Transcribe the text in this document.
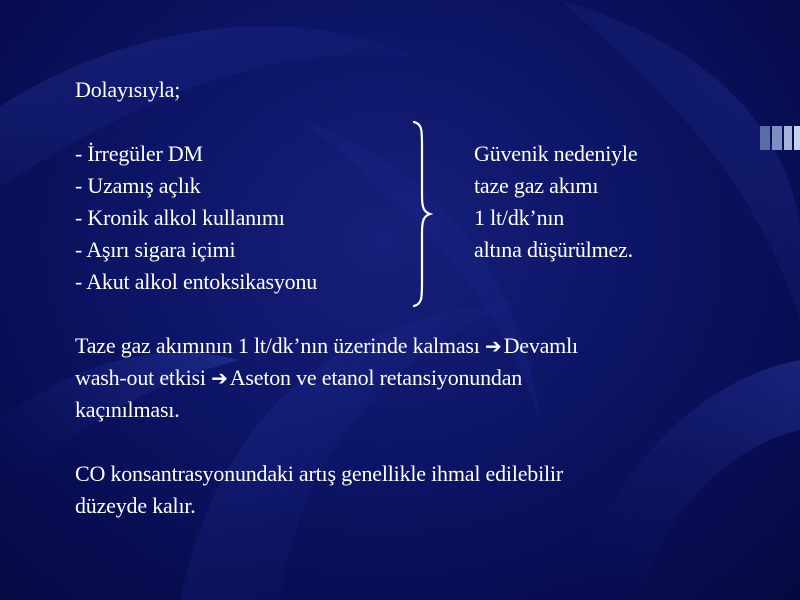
Dolayısıyla;
- İrregüler DM
- Uzamış açlık
- Kronik alkol kullanımı
- Aşırı sigara içimi
- Akut alkol entoksikasyonu
Güvenik nedeniyle
taze gaz akımı
1 lt/dk’nın
altına düşürülmez.
Taze gaz akımının 1 lt/dk’nın üzerinde kalması ➔Devamlı
wash-out etkisi ➔Aseton ve etanol retansiyonundan
kaçınılması.
CO konsantrasyonundaki artış genellikle ihmal edilebilir
düzeyde kalır.
